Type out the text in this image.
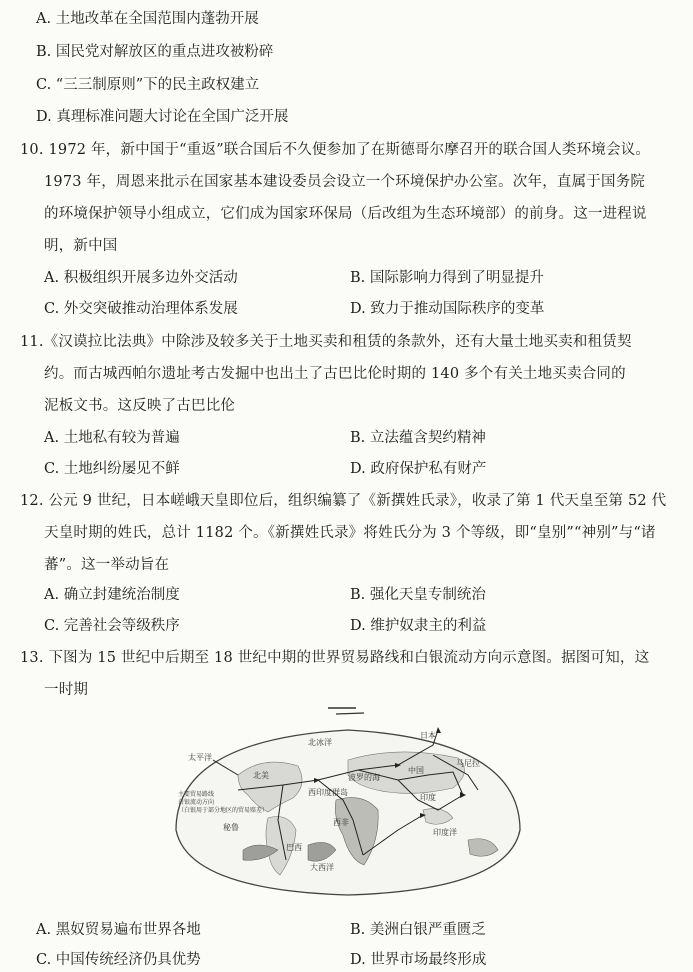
A. 土地改革在全国范围内蓬勃开展
B. 国民党对解放区的重点进攻被粉碎
C. “三三制原则”下的民主政权建立
D. 真理标准问题大讨论在全国广泛开展
10. 1972 年，新中国于“重返”联合国后不久便参加了在斯德哥尔摩召开的联合国人类环境会议。
1973 年，周恩来批示在国家基本建设委员会设立一个环境保护办公室。次年，直属于国务院
的环境保护领导小组成立，它们成为国家环保局（后改组为生态环境部）的前身。这一进程说
明，新中国
A. 积极组织开展多边外交活动	B. 国际影响力得到了明显提升
C. 外交突破推动治理体系发展	D. 致力于推动国际秩序的变革
11.《汉谟拉比法典》中除涉及较多关于土地买卖和租赁的条款外，还有大量土地买卖和租赁契
约。而古城西帕尔遗址考古发掘中也出土了古巴比伦时期的 140 多个有关土地买卖合同的
泥板文书。这反映了古巴比伦
A. 土地私有较为普遍	B. 立法蕴含契约精神
C. 土地纠纷屡见不鲜	D. 政府保护私有财产
12. 公元 9 世纪，日本嵯峨天皇即位后，组织编纂了《新撰姓氏录》，收录了第 1 代天皇至第 52 代
天皇时期的姓氏，总计 1182 个。《新撰姓氏录》将姓氏分为 3 个等级，即“皇别”“神别”与“诸
蕃”。这一举动旨在
A. 确立封建统治制度	B. 强化天皇专制统治
C. 完善社会等级秩序	D. 维护奴隶主的利益
13. 下图为 15 世纪中后期至 18 世纪中期的世界贸易路线和白银流动方向示意图。据图可知，这
一时期
太平洋
北冰洋
日本
北美
西印度群岛
波罗的海
中国
马尼拉
印度
秘鲁
巴西
西非
印度洋
大西洋
主要贸易路线
白银流动方向
（白银用于部分地区的贸易赔差）
A. 黑奴贸易遍布世界各地	B. 美洲白银严重匮乏
C. 中国传统经济仍具优势	D. 世界市场最终形成
